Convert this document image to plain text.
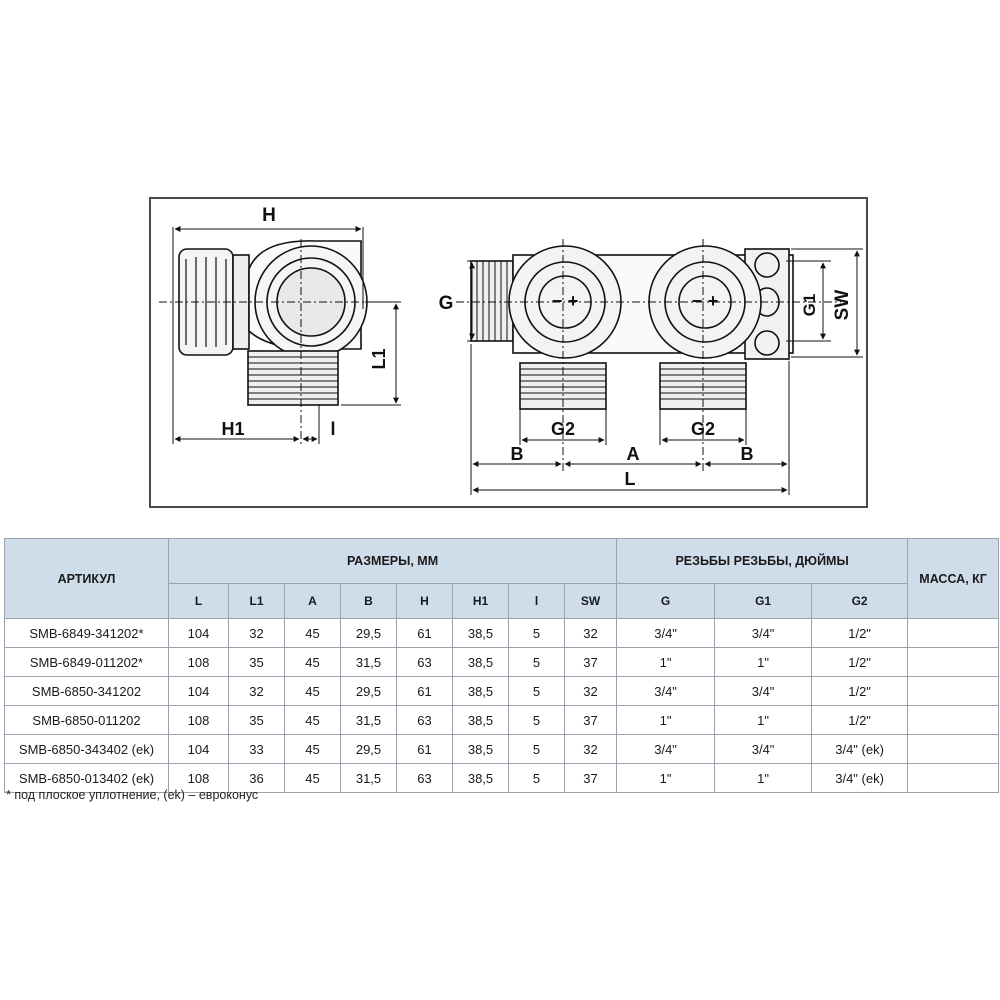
H
H1	l
L1
+
−	+
−
G	G1 SW
G2	G2
B	A	B
L
АРТИКУЛ	РАЗМЕРЫ, ММ								РЕЗЬБЫ РЕЗЬБЫ, ДЮЙМЫ			МАССА, КГ
	L	L1	A	B	H	H1	l	SW	G	G1	G2	
SMB-6849-341202*	104	32	45	29,5	61	38,5	5	32	3/4"	3/4"	1/2"	
SMB-6849-011202*	108	35	45	31,5	63	38,5	5	37	1"	1"	1/2"	
SMB-6850-341202	104	32	45	29,5	61	38,5	5	32	3/4"	3/4"	1/2"	
SMB-6850-011202	108	35	45	31,5	63	38,5	5	37	1"	1"	1/2"	
SMB-6850-343402 (ek)	104	33	45	29,5	61	38,5	5	32	3/4"	3/4"	3/4" (ek)	
SMB-6850-013402 (ek)	108	36	45	31,5	63	38,5	5	37	1"	1"	3/4" (ek)	
* под плоское уплотнение, (ek) – евроконус
